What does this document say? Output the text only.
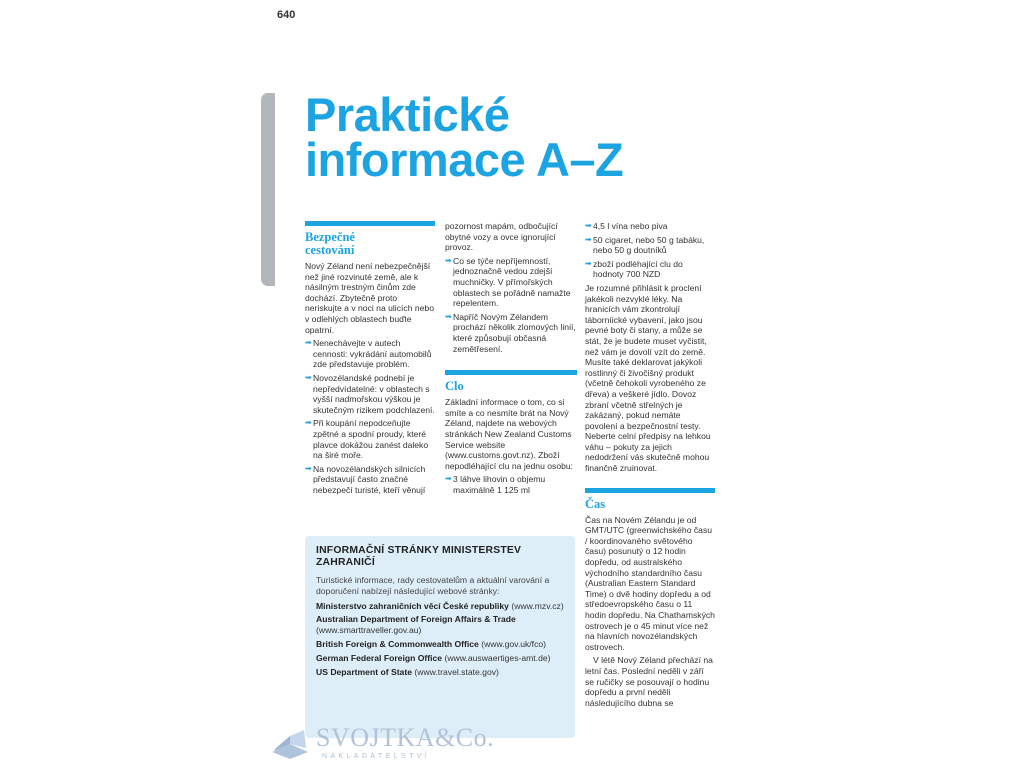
640
Praktické
informace A–Z
Bezpečné
cestování

Nový Zéland není nebezpečnější než jiné rozvinuté země, ale k násilným trestným činům zde dochází. Zbytečně proto neriskujte a v noci na ulicích nebo v odlehlých oblastech buďte opatrní.

➡ Nenechávejte v autech cennosti: vykrádání automobilů zde představuje problém.

➡ Novozélandské podnebí je nepředvídatelné: v oblastech s vyšší nadmořskou výškou je skutečným rizikem podchlazení.

➡ Při koupání nepodceňujte zpětné a spodní proudy, které plavce dokážou zanést daleko na širé moře.

➡ Na novozélandských silnicích představují často značné nebezpečí turisté, kteří věnují

pozornost mapám, odbočující obytné vozy a ovce ignorující provoz.

➡ Co se týče nepříjemností, jednoznačně vedou zdejší muchničky. V přímořských oblastech se pořádně namažte repelentem.

➡ Napříč Novým Zélandem prochází několik zlomových linií, které způsobují občasná zemětřesení.

Clo

Základní informace o tom, co si smíte a co nesmíte brát na Nový Zéland, najdete na webových stránkách New Zealand Customs Service website (www.customs.govt.nz). Zboží nepodléhající clu na jednu osobu:

➡ 3 láhve lihovin o objemu maximálně 1 125 ml

➡ 4,5 l vína nebo piva

➡ 50 cigaret, nebo 50 g tabáku, nebo 50 g doutníků

➡ zboží podléhající clu do hodnoty 700 NZD

Je rozumné přihlásit k proclení jakékoli nezvyklé léky. Na hranicích vám zkontrolují táborníické vybavení, jako jsou pevné boty či stany, a může se stát, že je budete muset vyčistit, než vám je dovolí vzít do země. Musíte také deklarovat jakýkoli rostlinný či živočišný produkt (včetně čehokoli vyrobeného ze dřeva) a veškeré jídlo. Dovoz zbraní včetně střelných je zakázaný, pokud nemáte povolení a bezpečnostní testy. Neberte celní předpisy na lehkou váhu – pokuty za jejich nedodržení vás skutečně mohou finančně zruinovat.

Čas

Čas na Novém Zélandu je od GMT/UTC (greenwichského času / koordinovaného světového času) posunutý o 12 hodin dopředu, od australského východního standardního času (Australian Eastern Standard Time) o dvě hodiny dopředu a od středoevropského času o 11 hodin dopředu. Na Chathamských ostrovech je o 45 minut více než na hlavních novozélandských ostrovech.

V létě Nový Zéland přechází na letní čas. Poslední neděli v září se ručičky se posouvají o hodinu dopředu a první neděli následujícího dubna se

INFORMAČNÍ STRÁNKY MINISTERSTEV
ZAHRANIČÍ

Turistické informace, rady cestovatelům a aktuální varování a doporučení nabízejí následující webové stránky:

Ministerstvo zahraničních věcí České republiky (www.mzv.cz)

Australian Department of Foreign Affairs & Trade (www.smarttraveller.gov.au)

British Foreign & Commonwealth Office (www.gov.uk/fco)

German Federal Foreign Office (www.auswaertiges-amt.de)

US Department of State (www.travel.state.gov)

SVOJTKA&Co.
NAKLADATELSTVÍ
